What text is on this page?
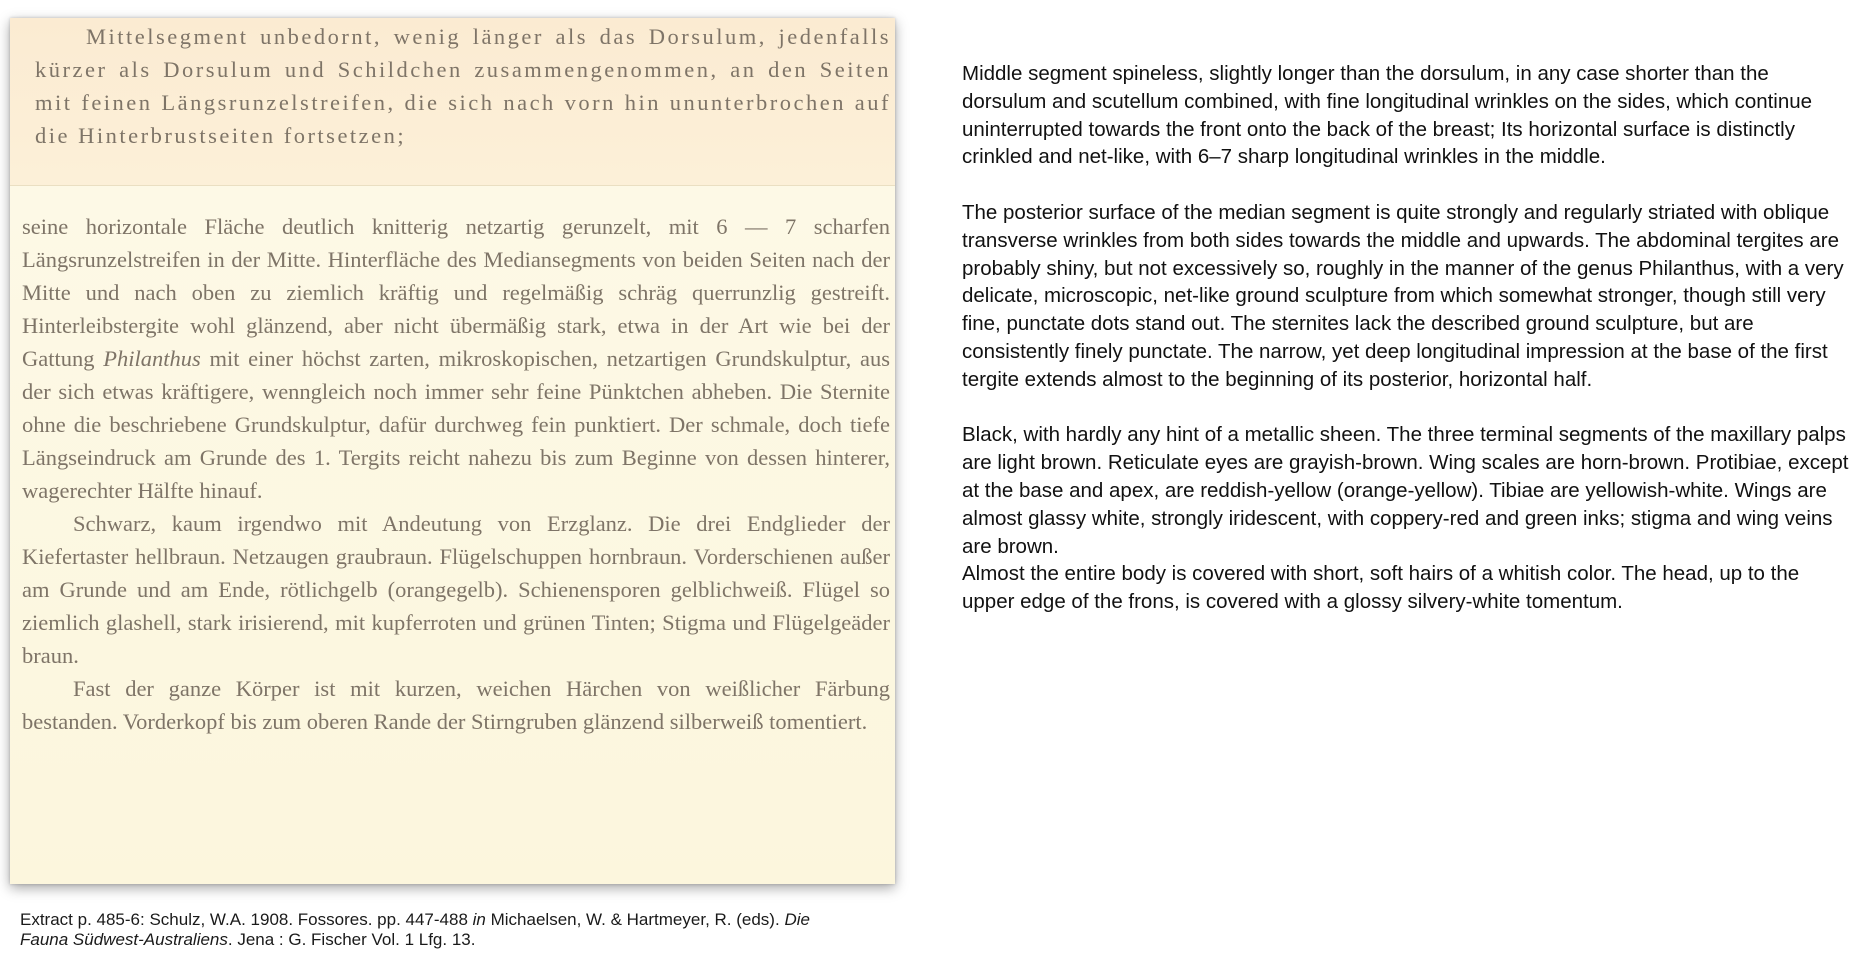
Mittelsegment unbedornt, wenig länger als das Dorsulum, jedenfalls kürzer als Dorsulum und Schildchen zusammengenommen, an den Seiten mit feinen Längsrunzelstreifen, die sich nach vorn hin ununterbrochen auf die Hinterbrustseiten fortsetzen;

seine horizontale Fläche deutlich knitterig netzartig gerunzelt, mit 6 — 7 scharfen Längsrunzelstreifen in der Mitte. Hinterfläche des Mediansegments von beiden Seiten nach der Mitte und nach oben zu ziemlich kräftig und regelmäßig schräg querrunzlig gestreift. Hinterleibstergite wohl glänzend, aber nicht übermäßig stark, etwa in der Art wie bei der Gattung Philanthus mit einer höchst zarten, mikroskopischen, netzartigen Grundskulptur, aus der sich etwas kräftigere, wenngleich noch immer sehr feine Pünktchen abheben. Die Sternite ohne die beschriebene Grundskulptur, dafür durchweg fein punktiert. Der schmale, doch tiefe Längseindruck am Grunde des 1. Tergits reicht nahezu bis zum Beginne von dessen hinterer, wagerechter Hälfte hinauf.
Schwarz, kaum irgendwo mit Andeutung von Erzglanz. Die drei Endglieder der Kiefertaster hellbraun. Netzaugen graubraun. Flügelschuppen hornbraun. Vorderschienen außer am Grunde und am Ende, rötlichgelb (orangegelb). Schienensporen gelblichweiß. Flügel so ziemlich glashell, stark irisierend, mit kupferroten und grünen Tinten; Stigma und Flügelgeäder braun.
Fast der ganze Körper ist mit kurzen, weichen Härchen von weißlicher Färbung bestanden. Vorderkopf bis zum oberen Rande der Stirngruben glänzend silberweiß tomentiert.

Extract p. 485-6: Schulz, W.A. 1908. Fossores. pp. 447-488 in Michaelsen, W. & Hartmeyer, R. (eds). Die Fauna Südwest-Australiens. Jena : G. Fischer Vol. 1 Lfg. 13.

Middle segment spineless, slightly longer than the dorsulum, in any case shorter than the dorsulum and scutellum combined, with fine longitudinal wrinkles on the sides, which continue uninterrupted towards the front onto the back of the breast; Its horizontal surface is distinctly crinkled and net-like, with 6–7 sharp longitudinal wrinkles in the middle.

The posterior surface of the median segment is quite strongly and regularly striated with oblique transverse wrinkles from both sides towards the middle and upwards. The abdominal tergites are probably shiny, but not excessively so, roughly in the manner of the genus Philanthus, with a very delicate, microscopic, net-like ground sculpture from which somewhat stronger, though still very fine, punctate dots stand out. The sternites lack the described ground sculpture, but are consistently finely punctate. The narrow, yet deep longitudinal impression at the base of the first tergite extends almost to the beginning of its posterior, horizontal half.

Black, with hardly any hint of a metallic sheen. The three terminal segments of the maxillary palps are light brown. Reticulate eyes are grayish-brown. Wing scales are horn-brown. Protibiae, except at the base and apex, are reddish-yellow (orange-yellow). Tibiae are yellowish-white. Wings are almost glassy white, strongly iridescent, with coppery-red and green inks; stigma and wing veins are brown.

Almost the entire body is covered with short, soft hairs of a whitish color. The head, up to the upper edge of the frons, is covered with a glossy silvery-white tomentum.
